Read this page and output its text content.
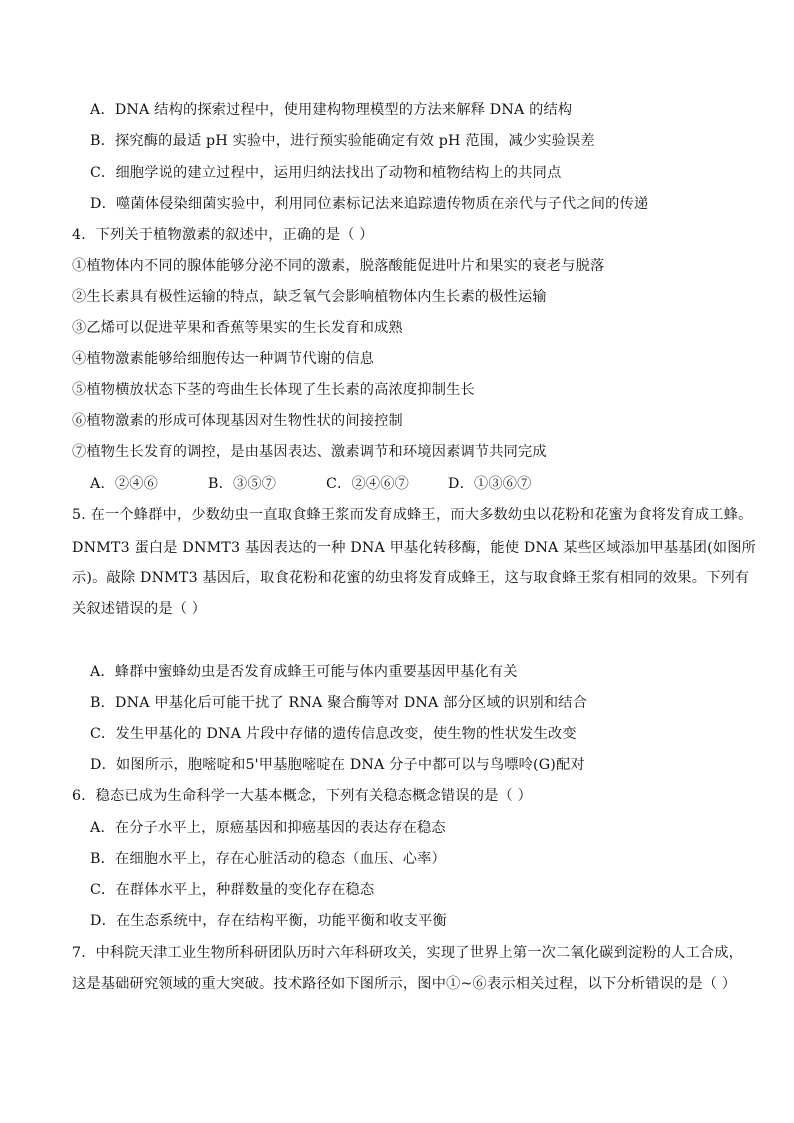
A．DNA 结构的探索过程中，使用建构物理模型的方法来解释 DNA 的结构
B．探究酶的最适 pH 实验中，进行预实验能确定有效 pH 范围，减少实验误差
C．细胞学说的建立过程中，运用归纳法找出了动物和植物结构上的共同点
D．噬菌体侵染细菌实验中，利用同位素标记法来追踪遗传物质在亲代与子代之间的传递
4．下列关于植物激素的叙述中，正确的是（ ）
①植物体内不同的腺体能够分泌不同的激素，脱落酸能促进叶片和果实的衰老与脱落
②生长素具有极性运输的特点，缺乏氧气会影响植物体内生长素的极性运输
③乙烯可以促进苹果和香蕉等果实的生长发育和成熟
④植物激素能够给细胞传达一种调节代谢的信息
⑤植物横放状态下茎的弯曲生长体现了生长素的高浓度抑制生长
⑥植物激素的形成可体现基因对生物性状的间接控制
⑦植物生长发育的调控，是由基因表达、激素调节和环境因素调节共同完成
A．②④⑥	B．③⑤⑦	C．②④⑥⑦	D．①③⑥⑦
5. 在一个蜂群中，少数幼虫一直取食蜂王浆而发育成蜂王，而大多数幼虫以花粉和花蜜为食将发育成工蜂。
DNMT3 蛋白是 DNMT3 基因表达的一种 DNA 甲基化转移酶，能使 DNA 某些区域添加甲基基团(如图所
示)。敲除 DNMT3 基因后，取食花粉和花蜜的幼虫将发育成蜂王，这与取食蜂王浆有相同的效果。下列有
关叙述错误的是（ ）
A．蜂群中蜜蜂幼虫是否发育成蜂王可能与体内重要基因甲基化有关
B．DNA 甲基化后可能干扰了 RNA 聚合酶等对 DNA 部分区域的识别和结合
C．发生甲基化的 DNA 片段中存储的遗传信息改变，使生物的性状发生改变
D．如图所示，胞嘧啶和5'甲基胞嘧啶在 DNA 分子中都可以与鸟嘌呤(G)配对
6．稳态已成为生命科学一大基本概念，下列有关稳态概念错误的是（ ）
A．在分子水平上，原癌基因和抑癌基因的表达存在稳态
B．在细胞水平上，存在心脏活动的稳态（血压、心率）
C．在群体水平上，种群数量的变化存在稳态
D．在生态系统中，存在结构平衡，功能平衡和收支平衡
7．中科院天津工业生物所科研团队历时六年科研攻关，实现了世界上第一次二氧化碳到淀粉的人工合成，
这是基础研究领域的重大突破。技术路径如下图所示，图中①~⑥表示相关过程，以下分析错误的是（ ）
